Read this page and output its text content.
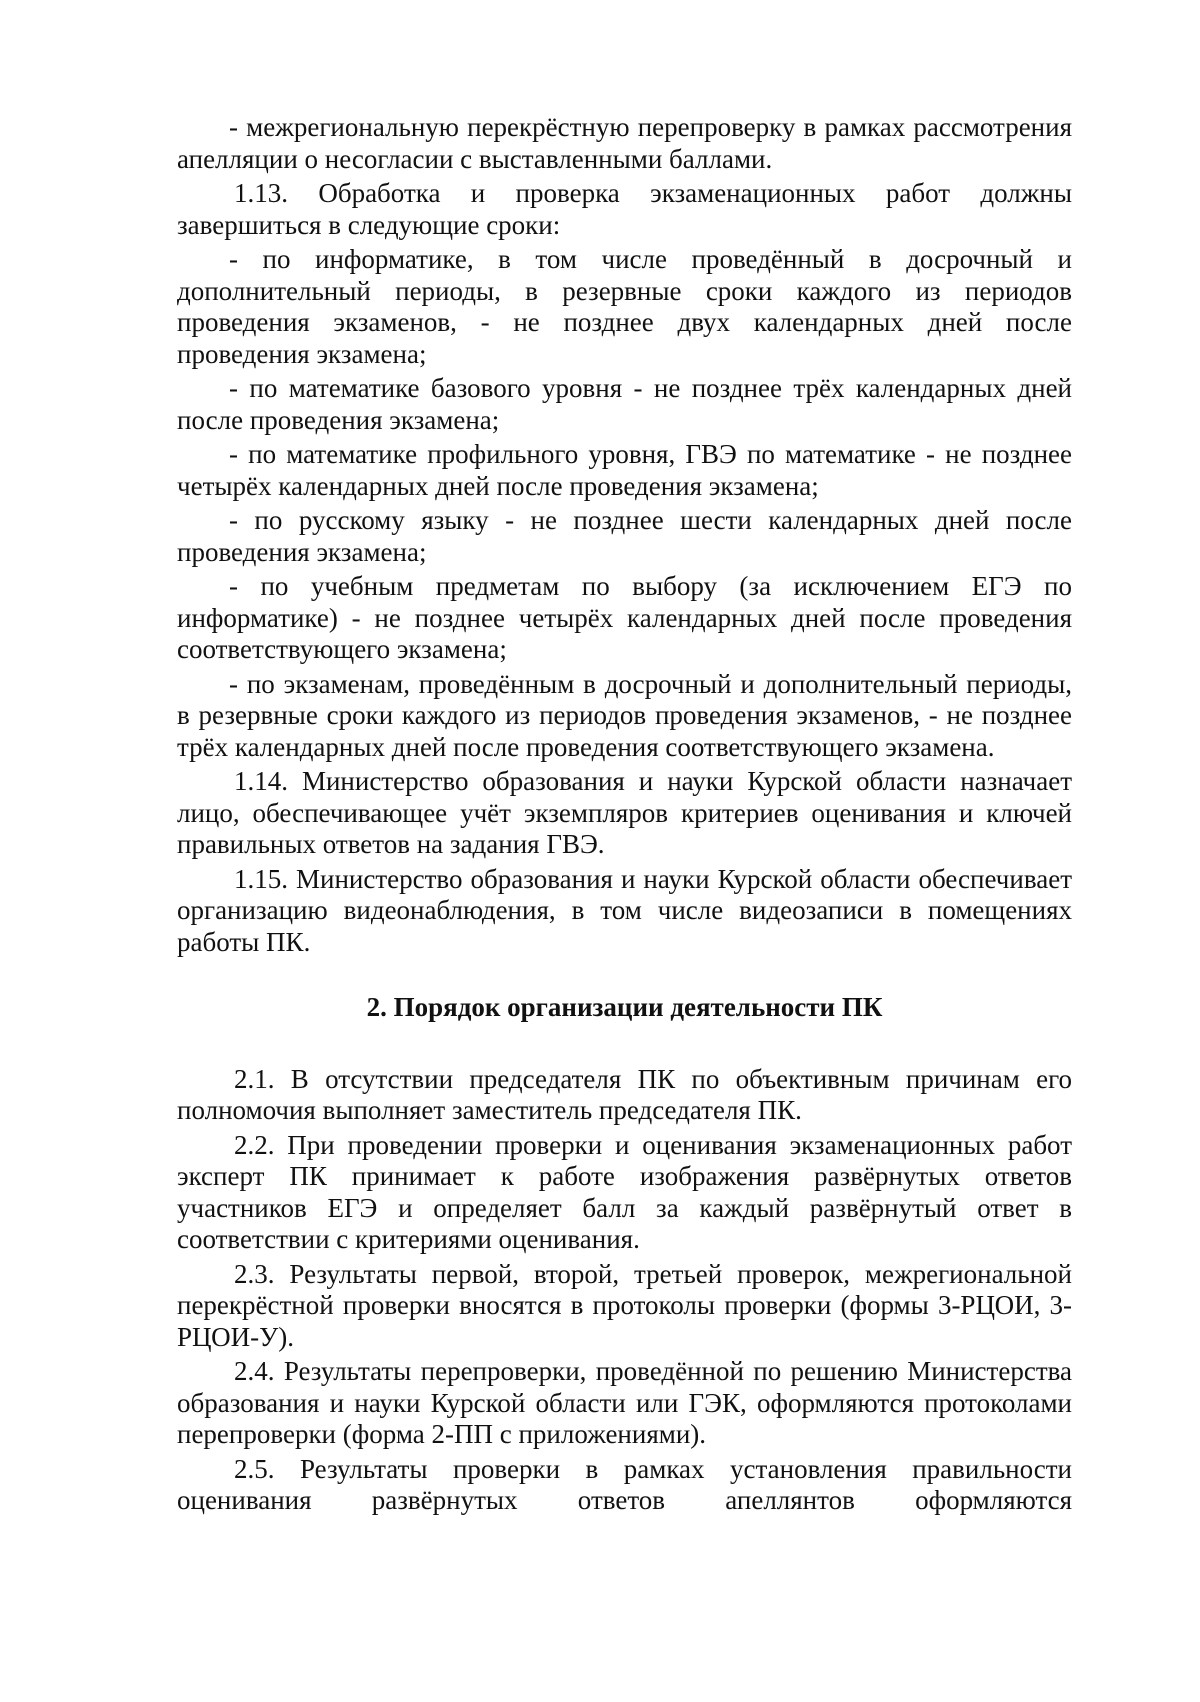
- межрегиональную перекрёстную перепроверку в рамках рассмотрения апелляции о несогласии с выставленными баллами.

1.13. Обработка и проверка экзаменационных работ должны завершиться в следующие сроки:

- по информатике, в том числе проведённый в досрочный и дополнительный периоды, в резервные сроки каждого из периодов проведения экзаменов, - не позднее двух календарных дней после проведения экзамена;

- по математике базового уровня - не позднее трёх календарных дней после проведения экзамена;

- по математике профильного уровня, ГВЭ по математике - не позднее четырёх календарных дней после проведения экзамена;

- по русскому языку - не позднее шести календарных дней после проведения экзамена;

- по учебным предметам по выбору (за исключением ЕГЭ по информатике) - не позднее четырёх календарных дней после проведения соответствующего экзамена;

- по экзаменам, проведённым в досрочный и дополнительный периоды, в резервные сроки каждого из периодов проведения экзаменов, - не позднее трёх календарных дней после проведения соответствующего экзамена.

1.14. Министерство образования и науки Курской области назначает лицо, обеспечивающее учёт экземпляров критериев оценивания и ключей правильных ответов на задания ГВЭ.

1.15. Министерство образования и науки Курской области обеспечивает организацию видеонаблюдения, в том числе видеозаписи в помещениях работы ПК.

2. Порядок организации деятельности ПК

2.1. В отсутствии председателя ПК по объективным причинам его полномочия выполняет заместитель председателя ПК.

2.2. При проведении проверки и оценивания экзаменационных работ эксперт ПК принимает к работе изображения развёрнутых ответов участников ЕГЭ и определяет балл за каждый развёрнутый ответ в соответствии с критериями оценивания.

2.3. Результаты первой, второй, третьей проверок, межрегиональной перекрёстной проверки вносятся в протоколы проверки (формы 3-РЦОИ, 3-РЦОИ-У).

2.4. Результаты перепроверки, проведённой по решению Министерства образования и науки Курской области или ГЭК, оформляются протоколами перепроверки (форма 2-ПП с приложениями).

2.5. Результаты проверки в рамках установления правильности оценивания развёрнутых ответов апеллянтов оформляются
